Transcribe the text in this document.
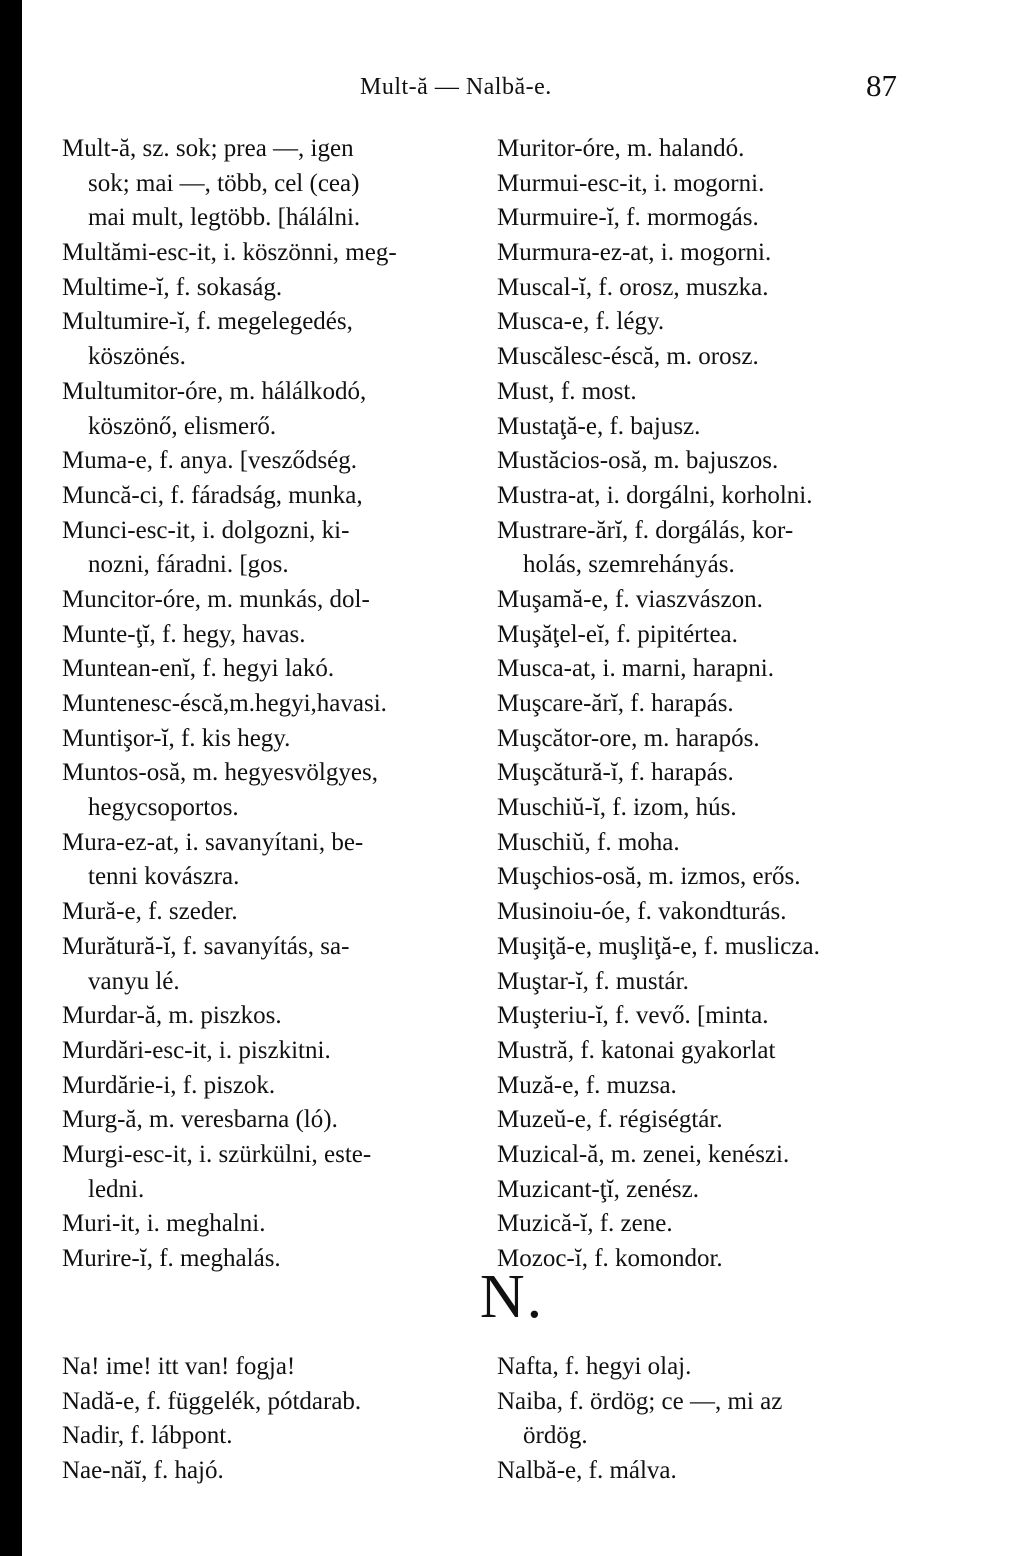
Mult-ă — Nalbă-e.	87
Mult-ă, sz. sok; prea —, igen
sok; mai —, több, cel (cea)
mai mult, legtöbb. [hálálni.
Multămi-esc-it, i. köszönni, meg-
Multime-ĭ, f. sokaság.
Multumire-ĭ, f. megelegedés,
köszönés.
Multumitor-óre, m. hálálkodó,
köszönő, elismerő.
Muma-e, f. anya. [vesződség.
Muncă-ci, f. fáradság, munka,
Munci-esc-it, i. dolgozni, ki-
nozni, fáradni. [gos.
Muncitor-óre, m. munkás, dol-
Munte-ţĭ, f. hegy, havas.
Muntean-enĭ, f. hegyi lakó.
Muntenesc-éscă,m.hegyi,havasi.
Muntişor-ĭ, f. kis hegy.
Muntos-osă, m. hegyesvölgyes,
hegycsoportos.
Mura-ez-at, i. savanyítani, be-
tenni kovászra.
Mură-e, f. szeder.
Murătură-ĭ, f. savanyítás, sa-
vanyu lé.
Murdar-ă, m. piszkos.
Murdări-esc-it, i. piszkitni.
Murdărie-i, f. piszok.
Murg-ă, m. veresbarna (ló).
Murgi-esc-it, i. szürkülni, este-
ledni.
Muri-it, i. meghalni.
Murire-ĭ, f. meghalás.
Muritor-óre, m. halandó.
Murmui-esc-it, i. mogorni.
Murmuire-ĭ, f. mormogás.
Murmura-ez-at, i. mogorni.
Muscal-ĭ, f. orosz, muszka.
Musca-e, f. légy.
Muscălesc-éscă, m. orosz.
Must, f. most.
Mustaţă-e, f. bajusz.
Mustăcios-osă, m. bajuszos.
Mustra-at, i. dorgálni, korholni.
Mustrare-ărĭ, f. dorgálás, kor-
holás, szemrehányás.
Muşamă-e, f. viaszvászon.
Muşăţel-eĭ, f. pipitértea.
Musca-at, i. marni, harapni.
Muşcare-ărĭ, f. harapás.
Muşcător-ore, m. harapós.
Muşcătură-ĭ, f. harapás.
Muschiŭ-ĭ, f. izom, hús.
Muschiŭ, f. moha.
Muşchios-osă, m. izmos, erős.
Musinoiu-óe, f. vakondturás.
Muşiţă-e, muşliţă-e, f. muslicza.
Muştar-ĭ, f. mustár.
Muşteriu-ĭ, f. vevő. [minta.
Mustră, f. katonai gyakorlat
Muză-e, f. muzsa.
Muzeŭ-e, f. régiségtár.
Muzical-ă, m. zenei, kenészi.
Muzicant-ţĭ, zenész.
Muzică-ĭ, f. zene.
Mozoc-ĭ, f. komondor.
N.
Na! ime! itt van! fogja!
Nadă-e, f. függelék, pótdarab.
Nadir, f. lábpont.
Nae-năĭ, f. hajó.
Nafta, f. hegyi olaj.
Naiba, f. ördög; ce —, mi az
ördög.
Nalbă-e, f. málva.
